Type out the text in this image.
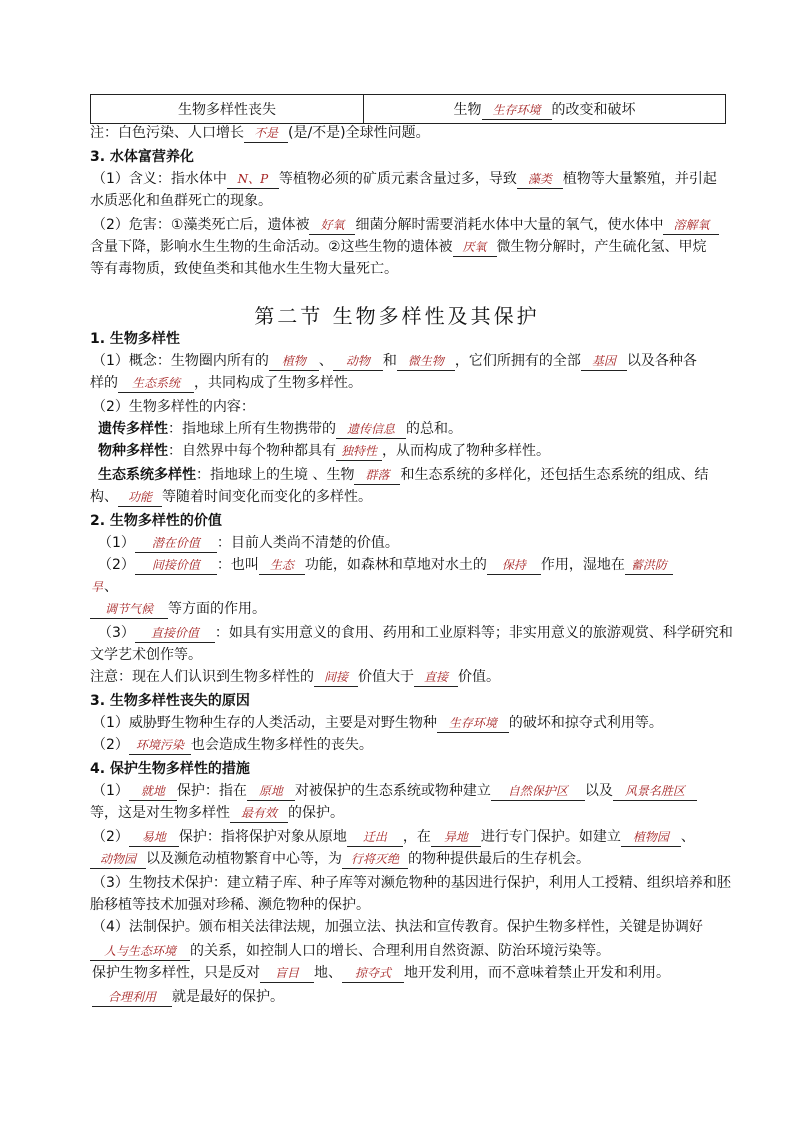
生物多样性丧失	生物 生存环境 的改变和破坏
注：白色污染、人口增长 不是 (是/不是)全球性问题。
3. 水体富营养化
（1）含义：指水体中 N、P 等植物必须的矿质元素含量过多，导致 藻类 植物等大量繁殖，并引起
水质恶化和鱼群死亡的现象。
（2）危害：①藻类死亡后，遗体被 好氧 细菌分解时需要消耗水体中大量的氧气，使水体中 溶解氧
含量下降，影响水生生物的生命活动。②这些生物的遗体被 厌氧 微生物分解时，产生硫化氢、甲烷
等有毒物质，致使鱼类和其他水生生物大量死亡。
第二节 生物多样性及其保护
1. 生物多样性
（1）概念：生物圈内所有的 植物 、 动物 和 微生物 ，它们所拥有的全部 基因 以及各种各
样的 生态系统 ，共同构成了生物多样性。
（2）生物多样性的内容：
遗传多样性：指地球上所有生物携带的 遗传信息 的总和。
物种多样性：自然界中每个物种都具有 独特性 ，从而构成了物种多样性。
生态系统多样性：指地球上的生境 、生物 群落 和生态系统的多样化，还包括生态系统的组成、结
构、 功能 等随着时间变化而变化的多样性。
2. 生物多样性的价值
（1） 潜在价值 ：目前人类尚不清楚的价值。
（2） 间接价值 ：也叫 生态 功能，如森林和草地对水土的 保持 作用，湿地在 蓄洪防
旱、
调节气候 等方面的作用。
（3） 直接价值 ：如具有实用意义的食用、药用和工业原料等；非实用意义的旅游观赏、科学研究和
文学艺术创作等。
注意：现在人们认识到生物多样性的 间接 价值大于 直接 价值。
3. 生物多样性丧失的原因
（1）威胁野生物种生存的人类活动，主要是对野生物种 生存环境 的破坏和掠夺式利用等。
（2） 环境污染 也会造成生物多样性的丧失。
4. 保护生物多样性的措施
（1） 就地 保护：指在 原地 对被保护的生态系统或物种建立 自然保护区 以及 风景名胜区
等，这是对生物多样性 最有效 的保护。
（2） 易地 保护：指将保护对象从原地 迁出 ，在 异地 进行专门保护。如建立 植物园 、
动物园 以及濒危动植物繁育中心等，为 行将灭绝 的物种提供最后的生存机会。
（3）生物技术保护：建立精子库、种子库等对濒危物种的基因进行保护，利用人工授精、组织培养和胚
胎移植等技术加强对珍稀、濒危物种的保护。
（4）法制保护。颁布相关法律法规，加强立法、执法和宣传教育。保护生物多样性，关键是协调好
人与生态环境 的关系，如控制人口的增长、合理利用自然资源、防治环境污染等。
保护生物多样性，只是反对 盲目 地、 掠夺式 地开发利用，而不意味着禁止开发和利用。
合理利用 就是最好的保护。
